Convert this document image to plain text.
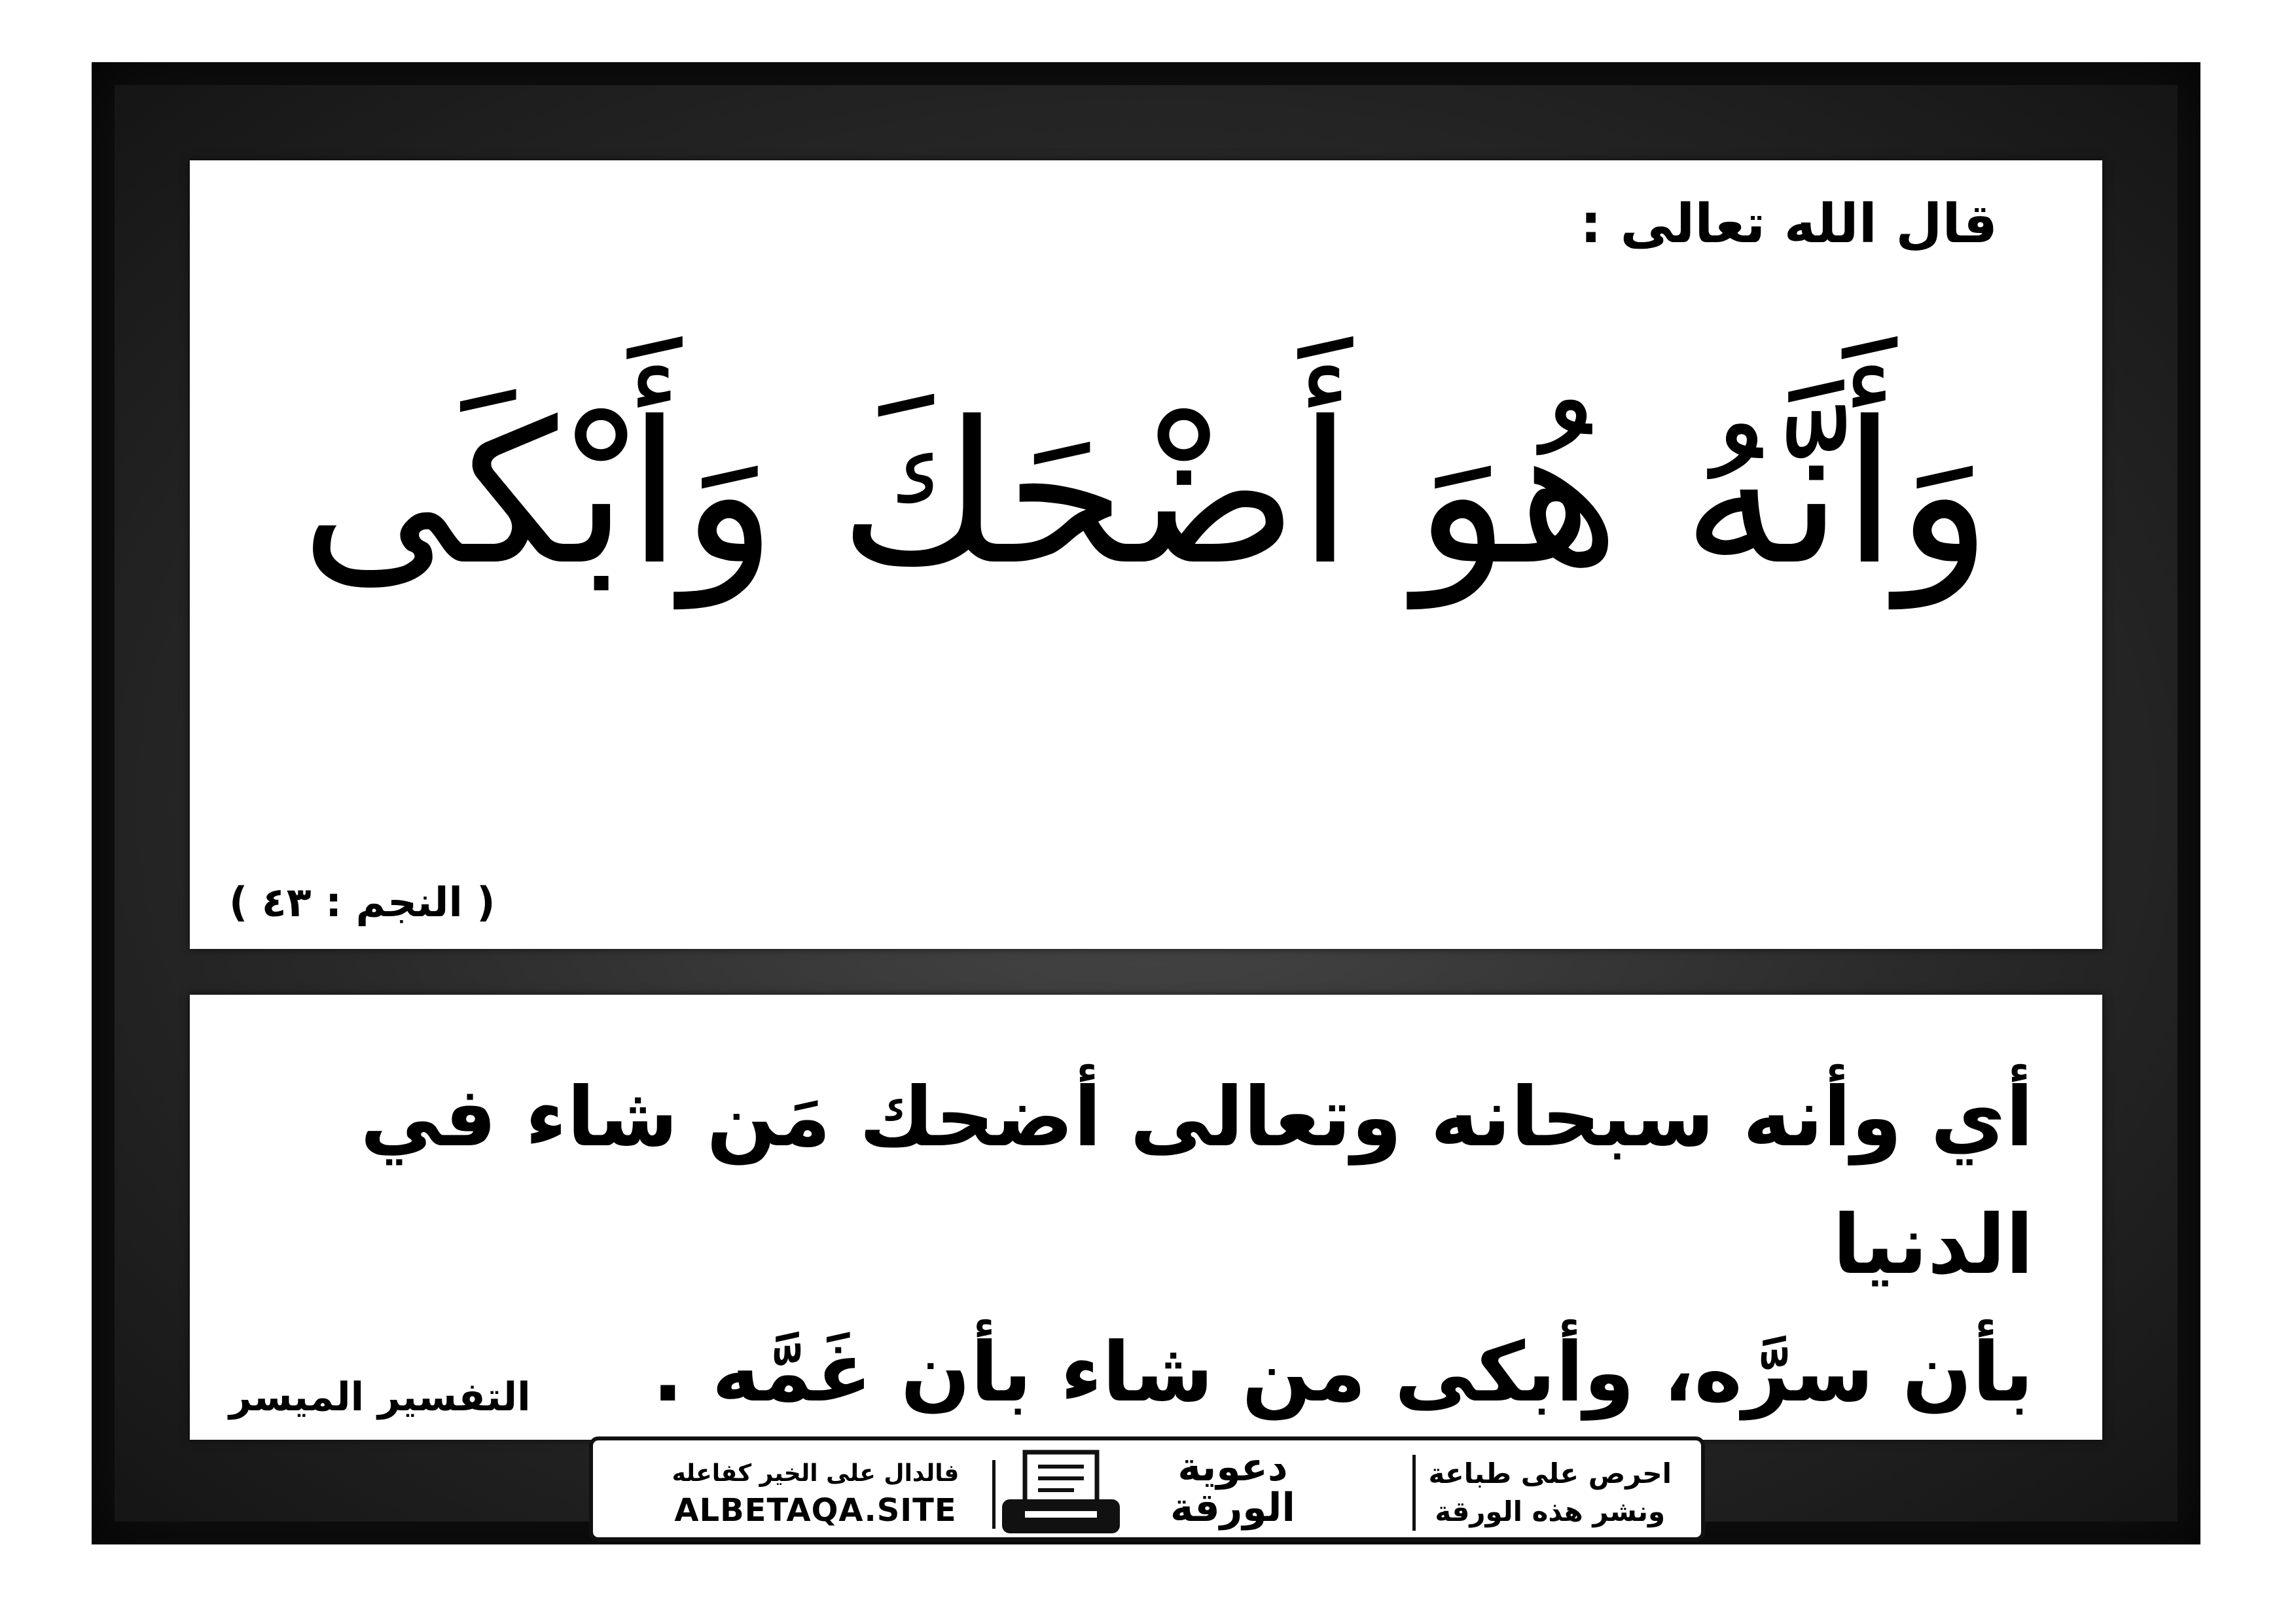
قال الله تعالى :
وَأَنَّهُ هُوَ أَضْحَكَ وَأَبْكَى
( النجم : ٤٣ )
أي وأنه سبحانه وتعالى أضحك مَن شاء في الدنيا
بأن سرَّه، وأبكى من شاء بأن غَمَّه .
التفسير الميسر
فالدال على الخير كفاعله
ALBETAQA.SITE
دعوية
الورقة
احرص على طباعة
ونشر هذه الورقة
